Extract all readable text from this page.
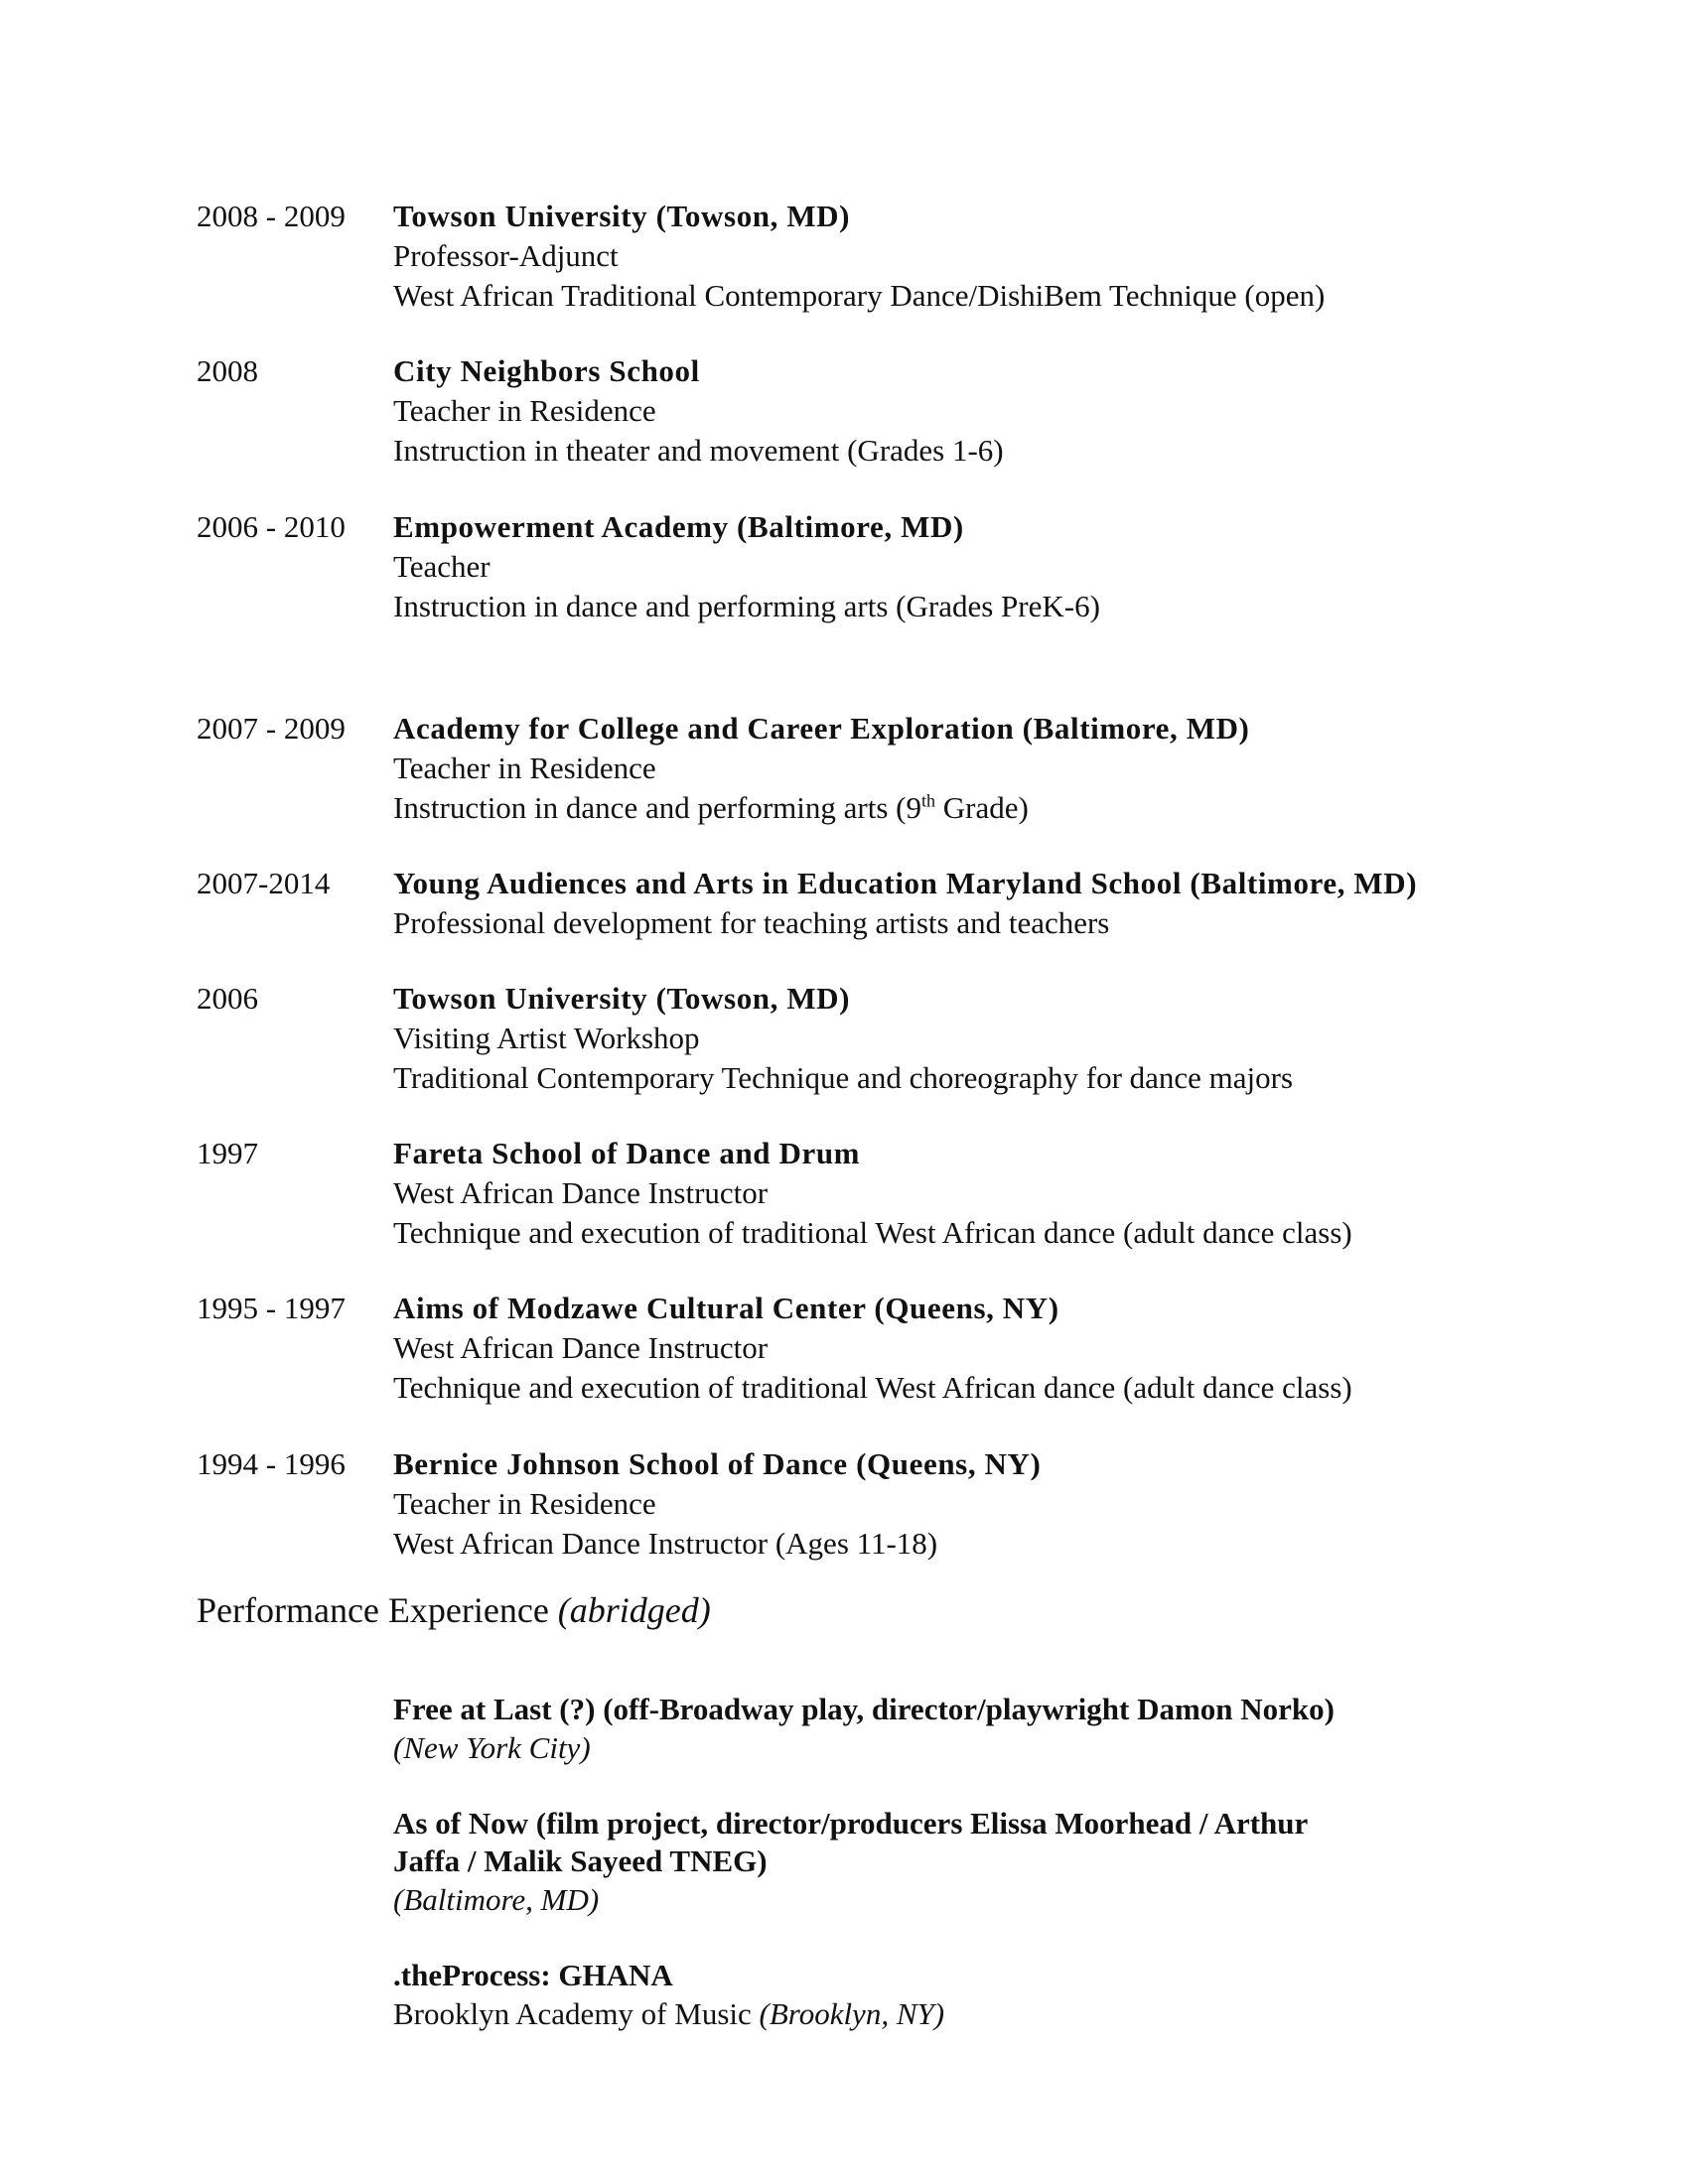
2008 - 2009 Towson University (Towson, MD)
Professor-Adjunct
West African Traditional Contemporary Dance/DishiBem Technique (open)
2008	City Neighbors School
Teacher in Residence
Instruction in theater and movement (Grades 1-6)
2006 - 2010 Empowerment Academy (Baltimore, MD)
Teacher
Instruction in dance and performing arts (Grades PreK-6)
2007 - 2009 Academy for College and Career Exploration (Baltimore, MD)
Teacher in Residence
Instruction in dance and performing arts (9th Grade)
2007-2014 Young Audiences and Arts in Education Maryland School (Baltimore, MD)
Professional development for teaching artists and teachers
2006	Towson University (Towson, MD)
Visiting Artist Workshop
Traditional Contemporary Technique and choreography for dance majors
1997	Fareta School of Dance and Drum
West African Dance Instructor
Technique and execution of traditional West African dance (adult dance class)
1995 - 1997 Aims of Modzawe Cultural Center (Queens, NY)
West African Dance Instructor
Technique and execution of traditional West African dance (adult dance class)
1994 - 1996 Bernice Johnson School of Dance (Queens, NY)
Teacher in Residence
West African Dance Instructor (Ages 11-18)
Performance Experience (abridged)
Free at Last (?) (off-Broadway play, director/playwright Damon Norko)
(New York City)
As of Now (film project, director/producers Elissa Moorhead / Arthur
Jaffa / Malik Sayeed TNEG)
(Baltimore, MD)
.theProcess: GHANA
Brooklyn Academy of Music (Brooklyn, NY)
